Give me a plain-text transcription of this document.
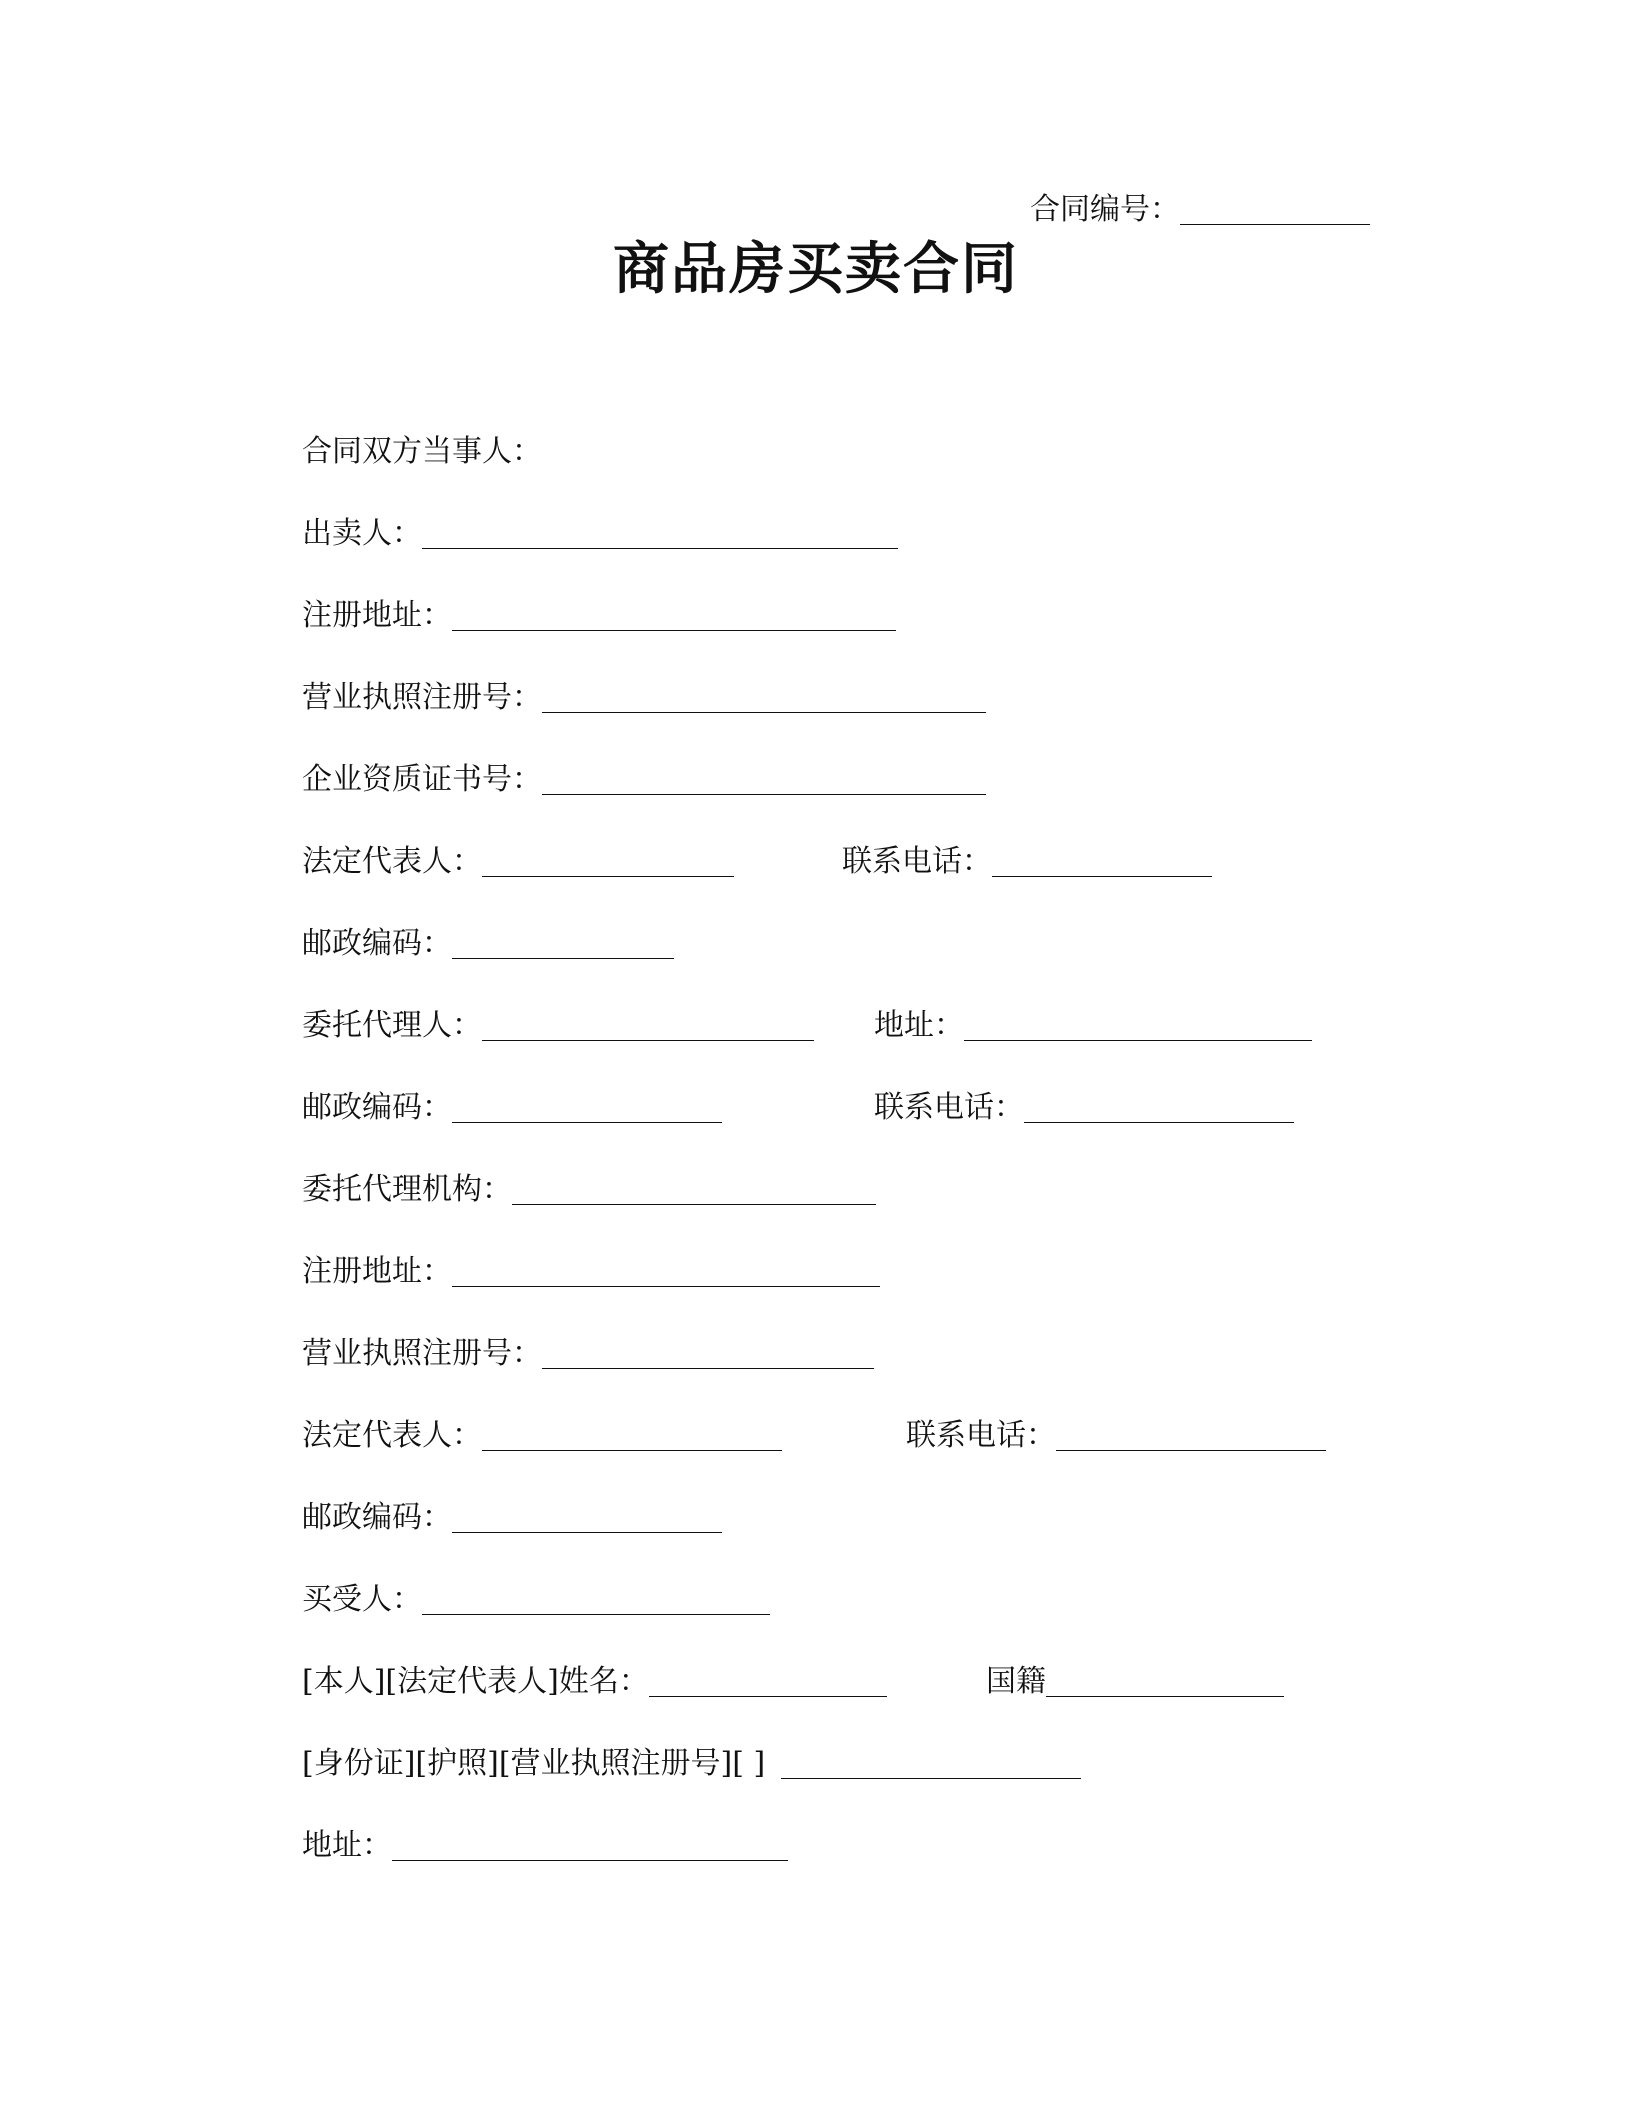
合同编号：
商品房买卖合同
合同双方当事人：
出卖人：
注册地址：
营业执照注册号：
企业资质证书号：
法定代表人：	联系电话：
邮政编码：
委托代理人：	地址：
邮政编码：	联系电话：
委托代理机构：
注册地址：
营业执照注册号：
法定代表人：	联系电话：
邮政编码：
买受人：
[本人][法定代表人]姓名：	国籍
[身份证][护照][营业执照注册号][ ]
地址：
